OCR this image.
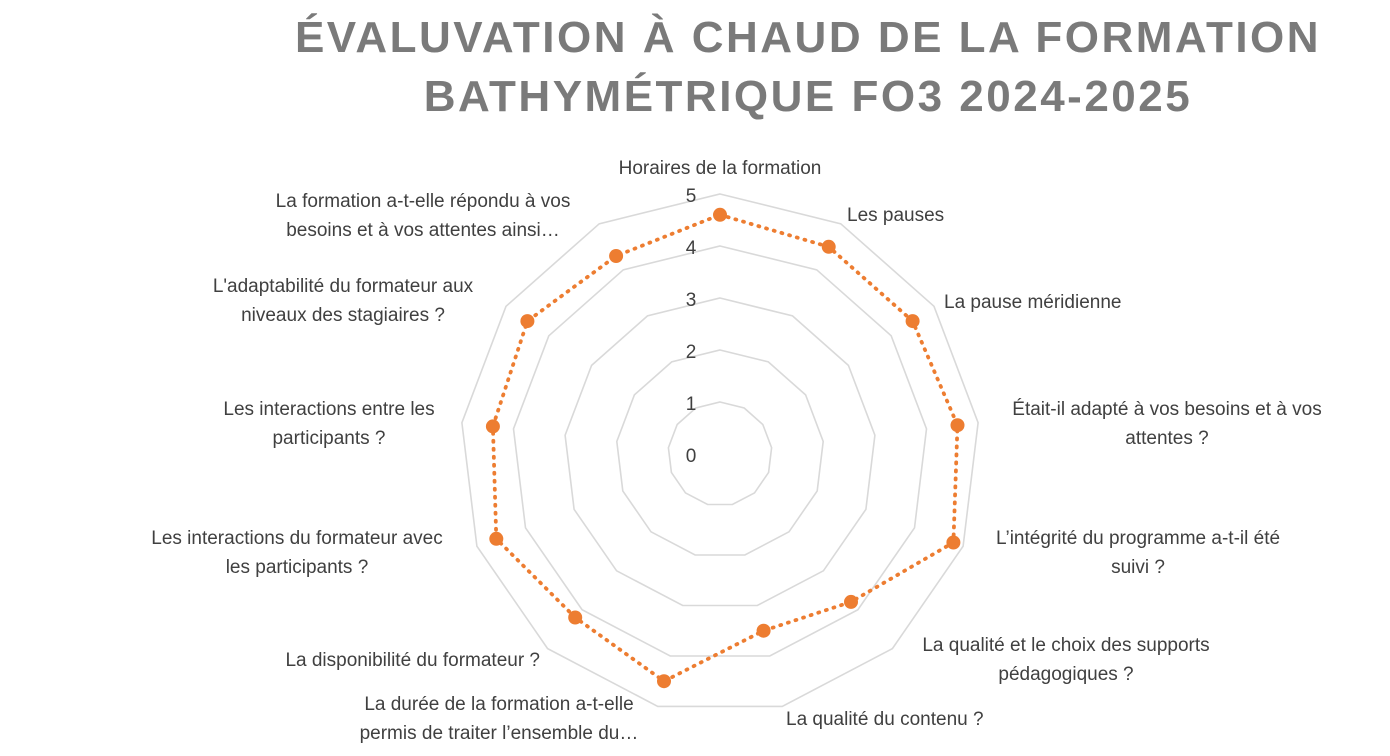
ÉVALUVATION À CHAUD DE LA FORMATION
BATHYMÉTRIQUE FO3 2024-2025
0
1
2
3
4
5
Horaires de la formation
Les pauses
La pause méridienne
Était-il adapté à vos besoins et à vos attentes ?
L’intégrité du programme a-t-il été suivi ?
La qualité et le choix des supports pédagogiques ?
La qualité du contenu ?
La durée de la formation a-t-elle permis de traiter l’ensemble du…
La disponibilité du formateur ?
Les interactions du formateur avec les participants ?
Les interactions entre les participants ?
L'adaptabilité du formateur aux niveaux des stagiaires ?
La formation a-t-elle répondu à vos besoins et à vos attentes ainsi…
